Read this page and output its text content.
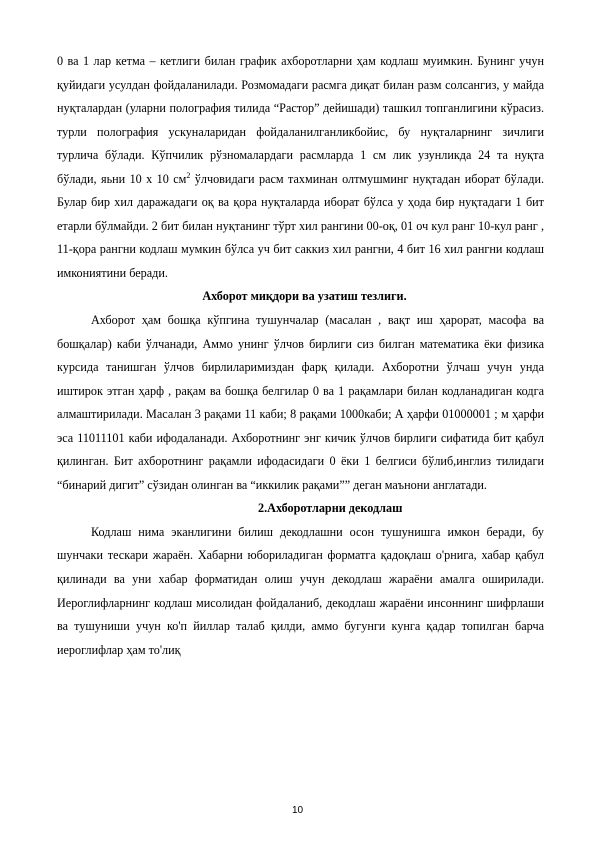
0 ва 1 лар кетма – кетлиги билан график ахборотларни ҳам кодлаш муимкин. Бунинг учун қуйидаги усулдан фойдаланилади. Розмомадаги расмга диқат билан разм солсангиз, у майда нуқталардан (уларни полография тилида “Растор” дейишади) ташкил топганлигини кўрасиз. турли полография ускуналаридан фойдаланилганликбойис, бу нуқталарнинг зичлиги турлича бўлади. Кўпчилик рўзномалардаги расмларда 1 см лик узунликда 24 та нуқта бўлади, яьни 10 х 10 $см^2$ ўлчовидаги расм тахминан олтмушминг нуқтадан иборат бўлади. Булар бир хил даражадаги оқ ва қора нуқталарда иборат бўлса у ҳода бир нуқтадаги 1 бит етарли бўлмайди. 2 бит билан нуқтанинг тўрт хил рангини 00-оқ, 01 оч кул ранг 10-кул ранг , 11-қора рангни кодлаш мумкин бўлса уч бит саккиз хил рангни, 4 бит 16 хил рангни кодлаш имкониятини беради.

Ахборот миқдори ва узатиш тезлиги.

Ахборот ҳам бошқа кўпгина тушунчалар (масалан , вақт иш ҳарорат, масофа ва бошқалар) каби ўлчанади, Аммо унинг ўлчов бирлиги сиз билган математика ёки физика курсида танишган ўлчов бирлилаpимиздан фарқ қилади. Ахборотни ўлчаш учун унда иштирок этган ҳарф , рақам ва бошқа белгилар 0 ва 1 рақамлари билан кодланадиган кодга алмаштирилади. Масалан 3 рақами 11 каби; 8 рақами 1000каби; А ҳарфи 01000001 ; м ҳарфи эса 11011101 каби ифодаланади. Ахборотнинг энг кичик ўлчов бирлиги сифатида бит қабул қилинган. Бит ахборотнинг рақамли ифодасидаги 0 ёки 1 белгиси бўлиб,инглиз тилидаги “бинарий дигит” сўзидан олинган ва “иккилик рақами”” деган маънони англатади.

2.Ахборотларни декодлаш

Кодлаш нима эканлигини билиш декодлашни осон тушунишга имкон беради, бу шунчаки тескари жараён. Хабарни юбориладиган форматга қадоқлаш o'рнига, хабар қабул қилинади ва уни хабар форматидан олиш учун декодлаш жараёни амалга оширилади. Иероглифларнинг кодлаш мисолидан фойдаланиб, декодлаш жараёни инсоннинг шифрлаши ва тушуниши учун ко'п йиллар талаб қилди, аммо бугунги кунга қадар топилган барча иероглифлар ҳам то'лиқ

10
